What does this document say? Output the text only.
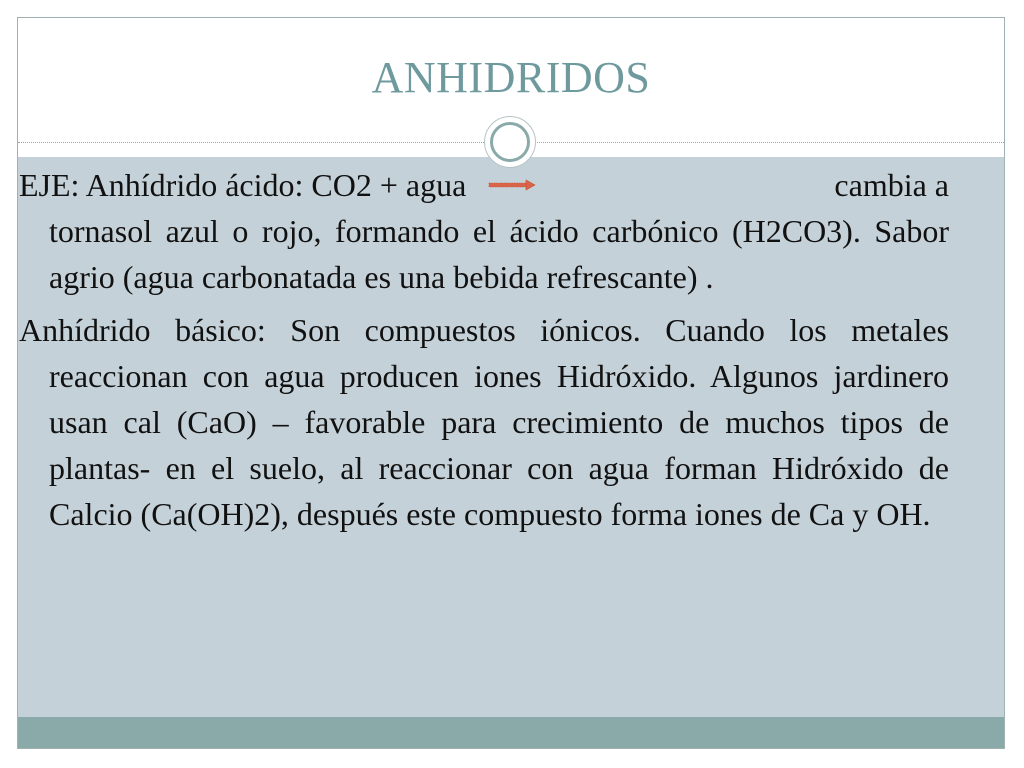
ANHIDRIDOS
EJE: Anhídrido ácido: CO2 + agua	cambia a
tornasol azul o rojo, formando el ácido carbónico (H2CO3). Sabor agrio (agua carbonatada es una bebida refrescante) .

Anhídrido básico: Son compuestos iónicos. Cuando los metales reaccionan con agua producen iones Hidróxido. Algunos jardinero usan cal (CaO) – favorable para crecimiento de muchos tipos de plantas- en el suelo, al reaccionar con agua forman Hidróxido de Calcio (Ca(OH)2), después este compuesto forma iones de Ca y OH.
